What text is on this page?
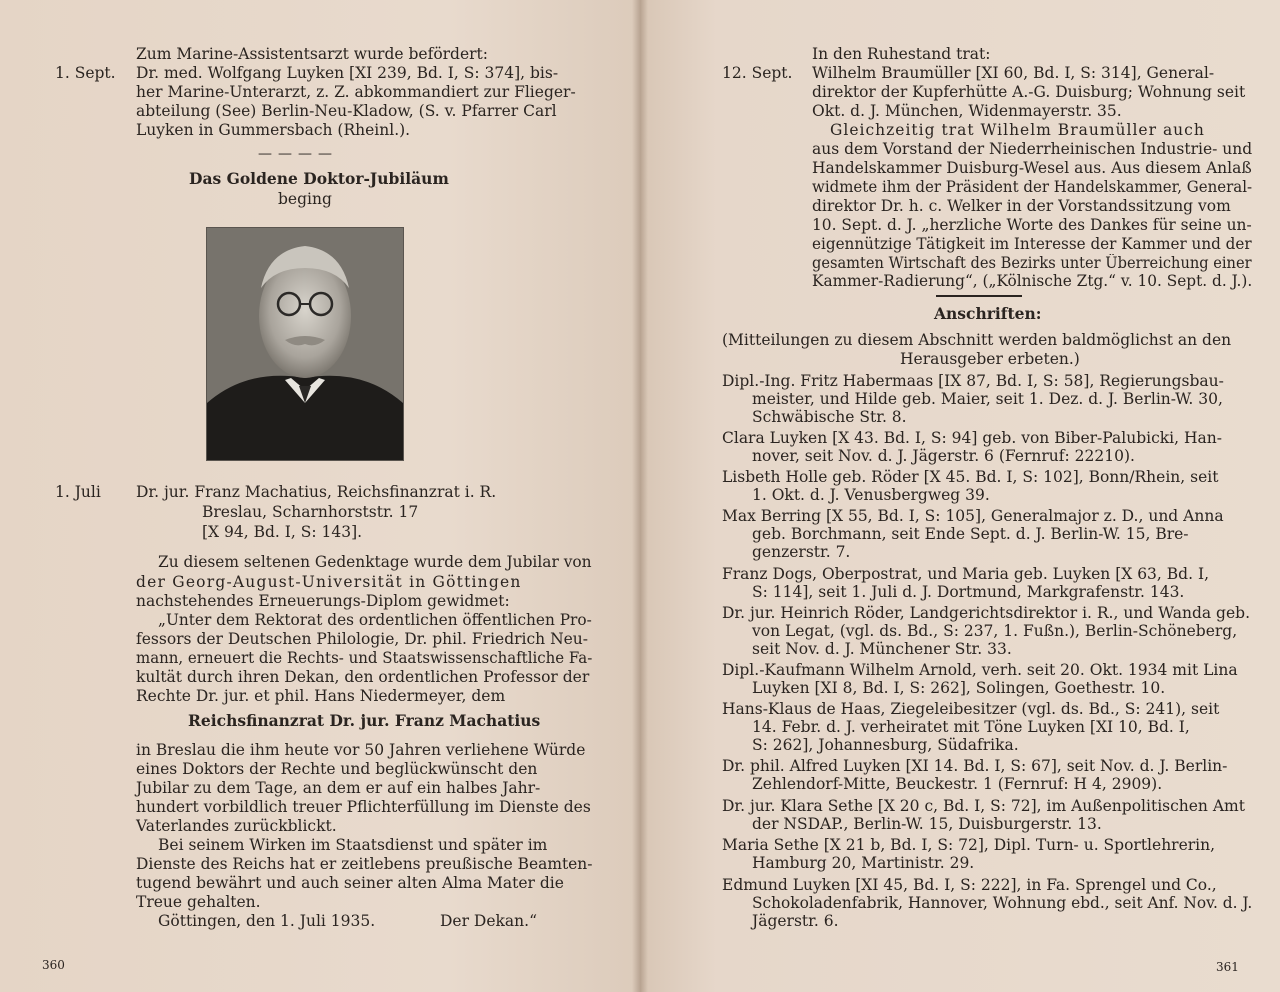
Zum Marine-Assistentsarzt wurde befördert:
1. Sept. Dr. med. Wolfgang Luyken [XI 239, Bd. I, S: 374], bis-
her Marine-Unterarzt, z. Z. abkommandiert zur Flieger-
abteilung (See) Berlin-Neu-Kladow, (S. v. Pfarrer Carl
Luyken in Gummersbach (Rheinl.).
————
Das Goldene Doktor-Jubiläum
beging
1. Juli Dr. jur. Franz Machatius, Reichsfinanzrat i. R.
Breslau, Scharnhorststr. 17
[X 94, Bd. I, S: 143].
Zu diesem seltenen Gedenktage wurde dem Jubilar von
der Georg-August-Universität in Göttingen
nachstehendes Erneuerungs-Diplom gewidmet:
„Unter dem Rektorat des ordentlichen öffentlichen Pro-
fessors der Deutschen Philologie, Dr. phil. Friedrich Neu-
mann, erneuert die Rechts- und Staatswissenschaftliche Fa-
kultät durch ihren Dekan, den ordentlichen Professor der
Rechte Dr. jur. et phil. Hans Niedermeyer, dem
Reichsfinanzrat Dr. jur. Franz Machatius
in Breslau die ihm heute vor 50 Jahren verliehene Würde
eines Doktors der Rechte und beglückwünscht den
Jubilar zu dem Tage, an dem er auf ein halbes Jahr-
hundert vorbildlich treuer Pflichterfüllung im Dienste des
Vaterlandes zurückblickt.
Bei seinem Wirken im Staatsdienst und später im
Dienste des Reichs hat er zeitlebens preußische Beamten-
tugend bewährt und auch seiner alten Alma Mater die
Treue gehalten.
Göttingen, den 1. Juli 1935.	Der Dekan.“
360
In den Ruhestand trat:
12. Sept. Wilhelm Braumüller [XI 60, Bd. I, S: 314], General-
direktor der Kupferhütte A.-G. Duisburg; Wohnung seit
Okt. d. J. München, Widenmayerstr. 35.
Gleichzeitig trat Wilhelm Braumüller auch
aus dem Vorstand der Niederrheinischen Industrie- und
Handelskammer Duisburg-Wesel aus. Aus diesem Anlaß
widmete ihm der Präsident der Handelskammer, General-
direktor Dr. h. c. Welker in der Vorstandssitzung vom
10. Sept. d. J. „herzliche Worte des Dankes für seine un-
eigennützige Tätigkeit im Interesse der Kammer und der
gesamten Wirtschaft des Bezirks unter Überreichung einer
Kammer-Radierung“, („Kölnische Ztg.“ v. 10. Sept. d. J.).
Anschriften:
(Mitteilungen zu diesem Abschnitt werden baldmöglichst an den
Herausgeber erbeten.)
Dipl.-Ing. Fritz Habermaas [IX 87, Bd. I, S: 58], Regierungsbau-
meister, und Hilde geb. Maier, seit 1. Dez. d. J. Berlin-W. 30,
Schwäbische Str. 8.
Clara Luyken [X 43. Bd. I, S: 94] geb. von Biber-Palubicki, Han-
nover, seit Nov. d. J. Jägerstr. 6 (Fernruf: 22210).
Lisbeth Holle geb. Röder [X 45. Bd. I, S: 102], Bonn/Rhein, seit
1. Okt. d. J. Venusbergweg 39.
Max Berring [X 55, Bd. I, S: 105], Generalmajor z. D., und Anna
geb. Borchmann, seit Ende Sept. d. J. Berlin-W. 15, Bre-
genzerstr. 7.
Franz Dogs, Oberpostrat, und Maria geb. Luyken [X 63, Bd. I,
S: 114], seit 1. Juli d. J. Dortmund, Markgrafenstr. 143.
Dr. jur. Heinrich Röder, Landgerichtsdirektor i. R., und Wanda geb.
von Legat, (vgl. ds. Bd., S: 237, 1. Fußn.), Berlin-Schöneberg,
seit Nov. d. J. Münchener Str. 33.
Dipl.-Kaufmann Wilhelm Arnold, verh. seit 20. Okt. 1934 mit Lina
Luyken [XI 8, Bd. I, S: 262], Solingen, Goethestr. 10.
Hans-Klaus de Haas, Ziegeleibesitzer (vgl. ds. Bd., S: 241), seit
14. Febr. d. J. verheiratet mit Töne Luyken [XI 10, Bd. I,
S: 262], Johannesburg, Südafrika.
Dr. phil. Alfred Luyken [XI 14. Bd. I, S: 67], seit Nov. d. J. Berlin-
Zehlendorf-Mitte, Beuckestr. 1 (Fernruf: H 4, 2909).
Dr. jur. Klara Sethe [X 20 c, Bd. I, S: 72], im Außenpolitischen Amt
der NSDAP., Berlin-W. 15, Duisburgerstr. 13.
Maria Sethe [X 21 b, Bd. I, S: 72], Dipl. Turn- u. Sportlehrerin,
Hamburg 20, Martinistr. 29.
Edmund Luyken [XI 45, Bd. I, S: 222], in Fa. Sprengel und Co.,
Schokoladenfabrik, Hannover, Wohnung ebd., seit Anf. Nov. d. J.
Jägerstr. 6.
361
